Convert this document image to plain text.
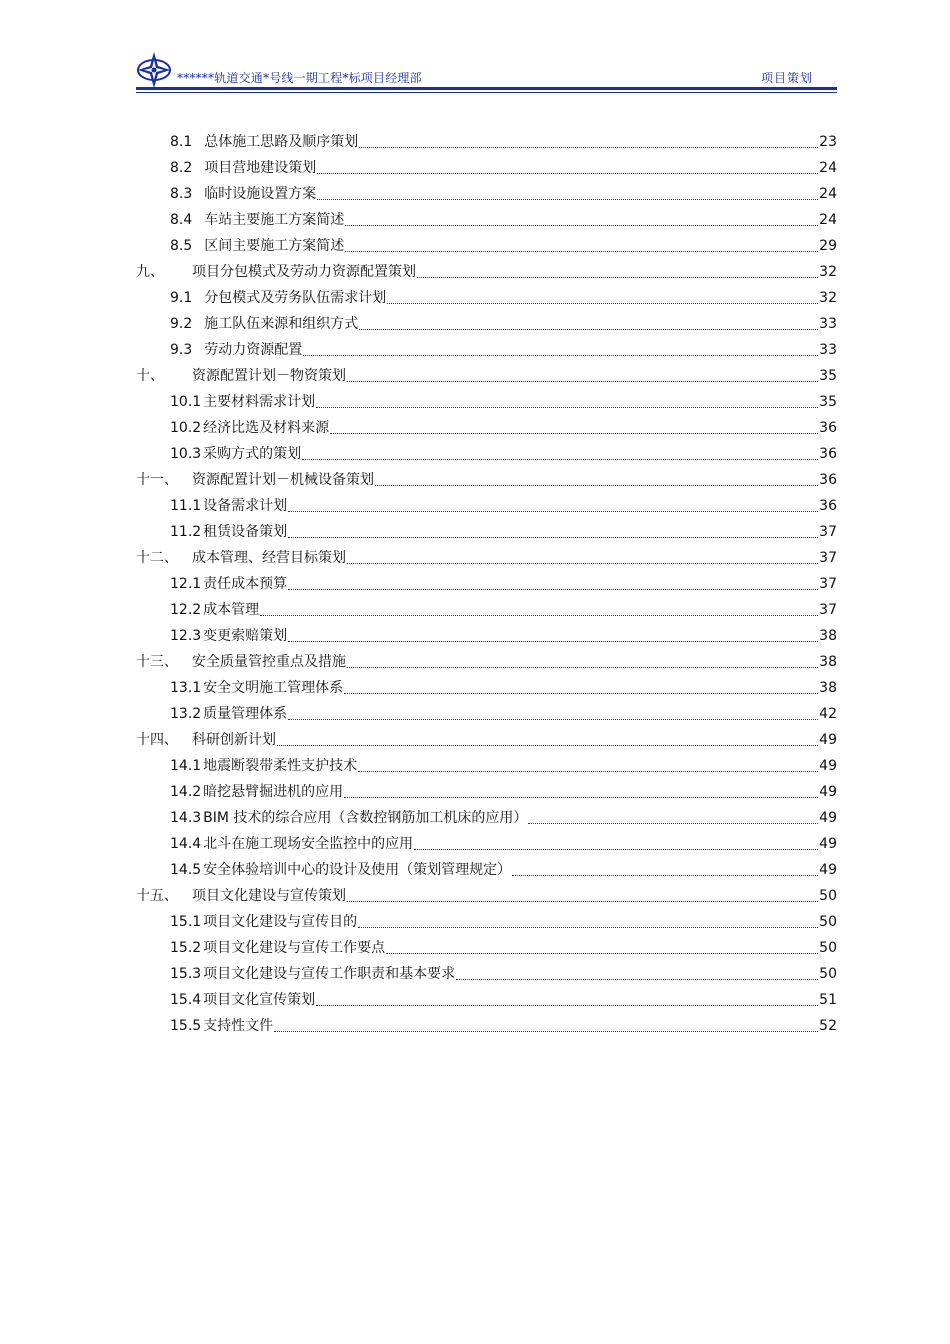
******轨道交通*号线一期工程*标项目经理部	项目策划
8.1 总体施工思路及顺序策划	23
8.2 项目营地建设策划	24
8.3 临时设施设置方案	24
8.4 车站主要施工方案简述	24
8.5 区间主要施工方案简述	29
九、	项目分包模式及劳动力资源配置策划	32
9.1 分包模式及劳务队伍需求计划	32
9.2 施工队伍来源和组织方式	33
9.3 劳动力资源配置	33
十、	资源配置计划－物资策划	35
10.1 主要材料需求计划	35
10.2 经济比选及材料来源	36
10.3 采购方式的策划	36
十一、	资源配置计划－机械设备策划	36
11.1 设备需求计划	36
11.2 租赁设备策划	37
十二、	成本管理、经营目标策划	37
12.1 责任成本预算	37
12.2 成本管理	37
12.3 变更索赔策划	38
十三、	安全质量管控重点及措施	38
13.1 安全文明施工管理体系	38
13.2 质量管理体系	42
十四、	科研创新计划	49
14.1 地震断裂带柔性支护技术	49
14.2 暗挖悬臂掘进机的应用	49
14.3 BIM 技术的综合应用（含数控钢筋加工机床的应用）	49
14.4 北斗在施工现场安全监控中的应用	49
14.5 安全体验培训中心的设计及使用（策划管理规定）	49
十五、	项目文化建设与宣传策划	50
15.1 项目文化建设与宣传目的	50
15.2 项目文化建设与宣传工作要点	50
15.3 项目文化建设与宣传工作职责和基本要求	50
15.4 项目文化宣传策划	51
15.5 支持性文件	52
